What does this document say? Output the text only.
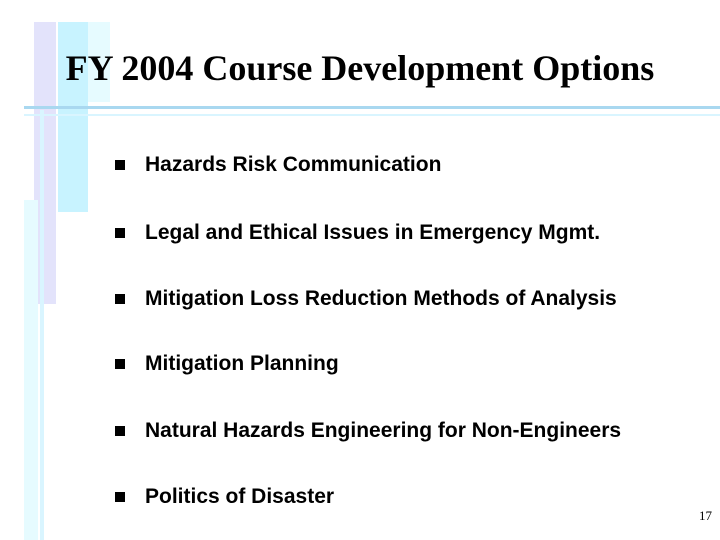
FY 2004 Course Development Options
Hazards Risk Communication
Legal and Ethical Issues in Emergency Mgmt.
Mitigation Loss Reduction Methods of Analysis
Mitigation Planning
Natural Hazards Engineering for Non-Engineers
Politics of Disaster
17
